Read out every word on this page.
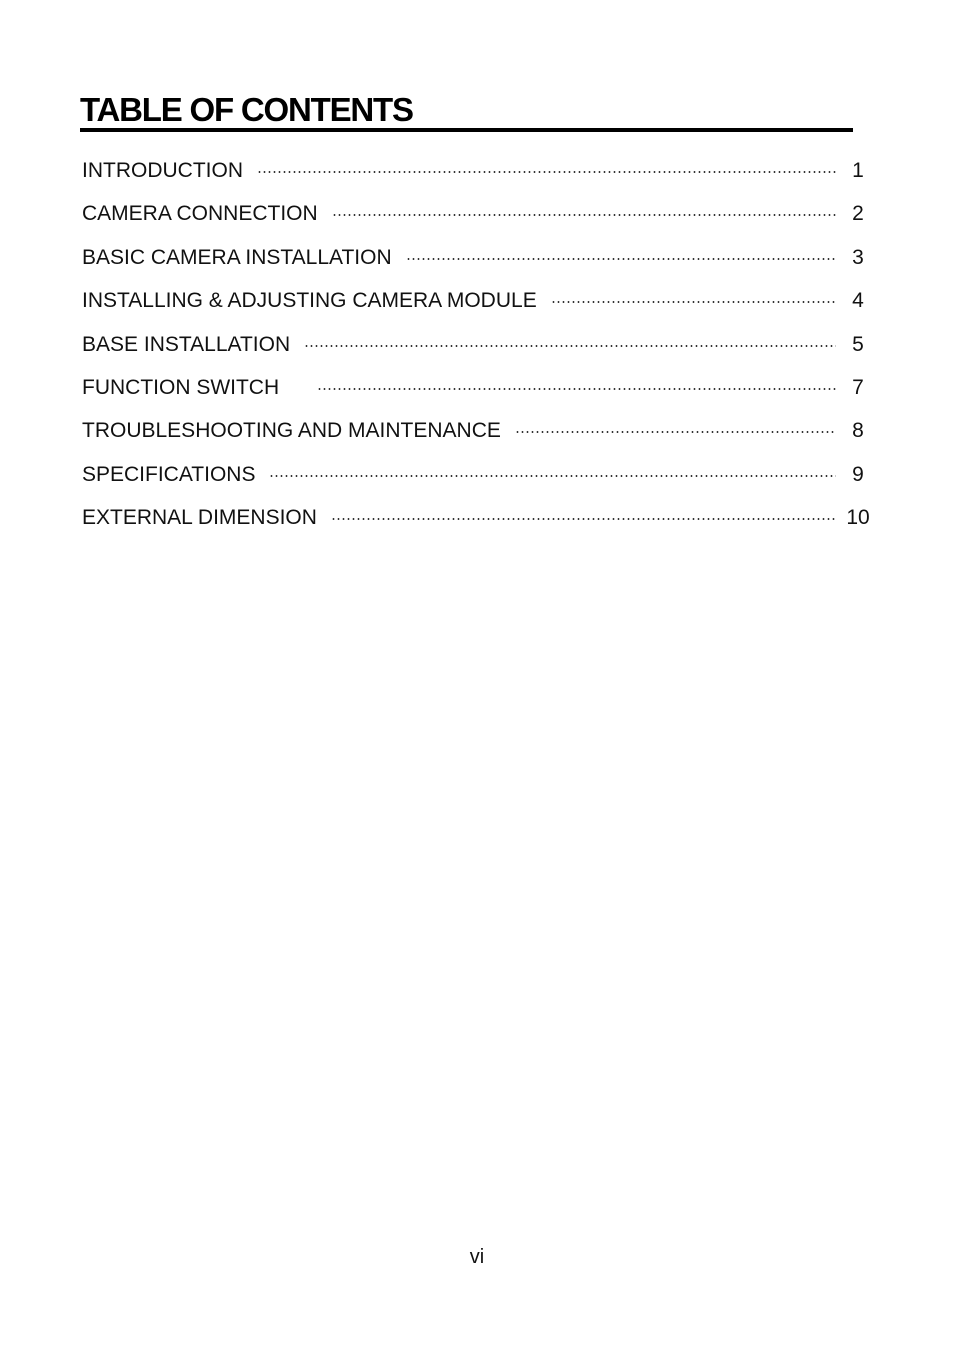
TABLE OF CONTENTS
INTRODUCTION	1
CAMERA CONNECTION	2
BASIC CAMERA INSTALLATION	3
INSTALLING & ADJUSTING CAMERA MODULE	4
BASE INSTALLATION	5
FUNCTION SWITCH	7
TROUBLESHOOTING AND MAINTENANCE	8
SPECIFICATIONS	9
EXTERNAL DIMENSION	10
vi
